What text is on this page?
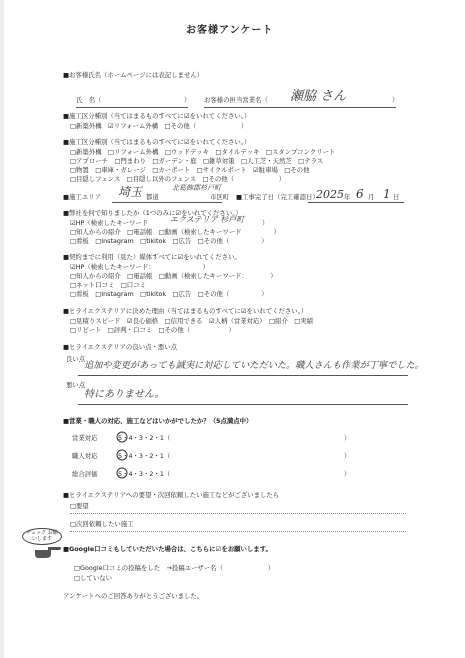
お客様アンケート
■お客様氏名（ホームページには表記しません）
氏　名（	） お客様の担当営業名（ 瀬脇 さん	）
■施工区分種別（当てはまるものすべてに☑をいれてください。）
□新築外構　☑リフォーム外構　□その他（　　　　　　　）
■施工区分種別（当てはまるものすべてに☑をいれてください。）
□新築外構　□リフォーム外構　□ウッドデッキ　□タイルデッキ　□スタンプコンクリート
□アプローチ　□門まわり　□ガーデン・庭　□雑草対策　□人工芝・天然芝　□テラス
□物置　□車庫・ガレージ　□カーポート　□サイクルポート　☑駐車場　□その他
□目隠しフェンス　□目隠し以外のフェンス　□その他（　　　　　　　）
■施工エリア 埼玉 都道
北葛飾郡杉戸町
市区町 ■工事完了日（完工確認日）
2025 年 6 月 1 日
■弊社を何で知りましたか（1つのみに☑をいれてください。）
☑HP（検索したキーワード	エクステリア 杉戸町	）
□知人からの紹介　□電話帳　□動画（検索したキーワード　　　　　）
□看板　□Instagram　□tikitok　□広告　□その他（　　　　　）
■契約までに利用（見た）媒体すべてに☑をいれてください。
☑HP（検索したキーワード：　　　　　　　　）
□知人からの紹介　□電話帳　□動画（検索したキーワード：　　　　）
□ネット口コミ　□口コミ
□看板　□Instagram　□tikitok　□広告　□その他（　　　　　）
■ヒライエクステリアに決めた理由（当てはまるものすべてに☑をいれてください。）
□見積りスピード　☑良心価格　□信用できる　☑人柄（営業対応）　□紹介　□実績
□リピート　□評判・口コミ　□その他（　　　　　　）
■ヒライエクステリアの良い点・悪い点
良い点
追加や変更があっても誠実に対応していただいた。職人さんも作業が丁寧でした。
悪い点
特にありません。
■営業・職人の対応、施工などはいかがでしたか？（5点満点中）
営業対応	5・4・3・2・1（	）
職人対応	5・4・3・2・1（	）
総合評価	5・4・3・2・1（	）
■ヒライエクステリアへの要望・次回依頼したい施工などがございましたら
□要望
□次回依頼したい施工
チェック お願いします
■Google口コミもしていただいた場合は、こちらに☑をお願いします。
□Google口コミの投稿をした　→投稿ユーザー名（　　　　　　　）
□していない
アンケートへのご回答ありがとうございました。
